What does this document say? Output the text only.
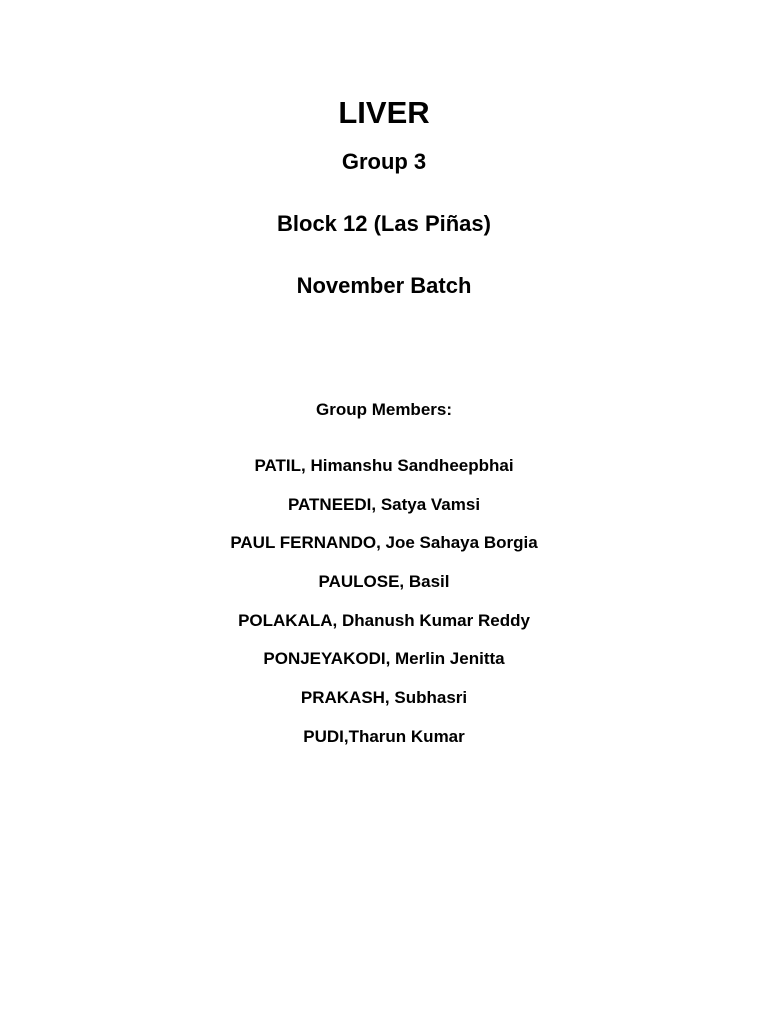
LIVER
Group 3
Block 12 (Las Piñas)
November Batch
Group Members:
PATIL, Himanshu Sandheepbhai
PATNEEDI, Satya Vamsi
PAUL FERNANDO, Joe Sahaya Borgia
PAULOSE, Basil
POLAKALA, Dhanush Kumar Reddy
PONJEYAKODI, Merlin Jenitta
PRAKASH, Subhasri
PUDI,Tharun Kumar
